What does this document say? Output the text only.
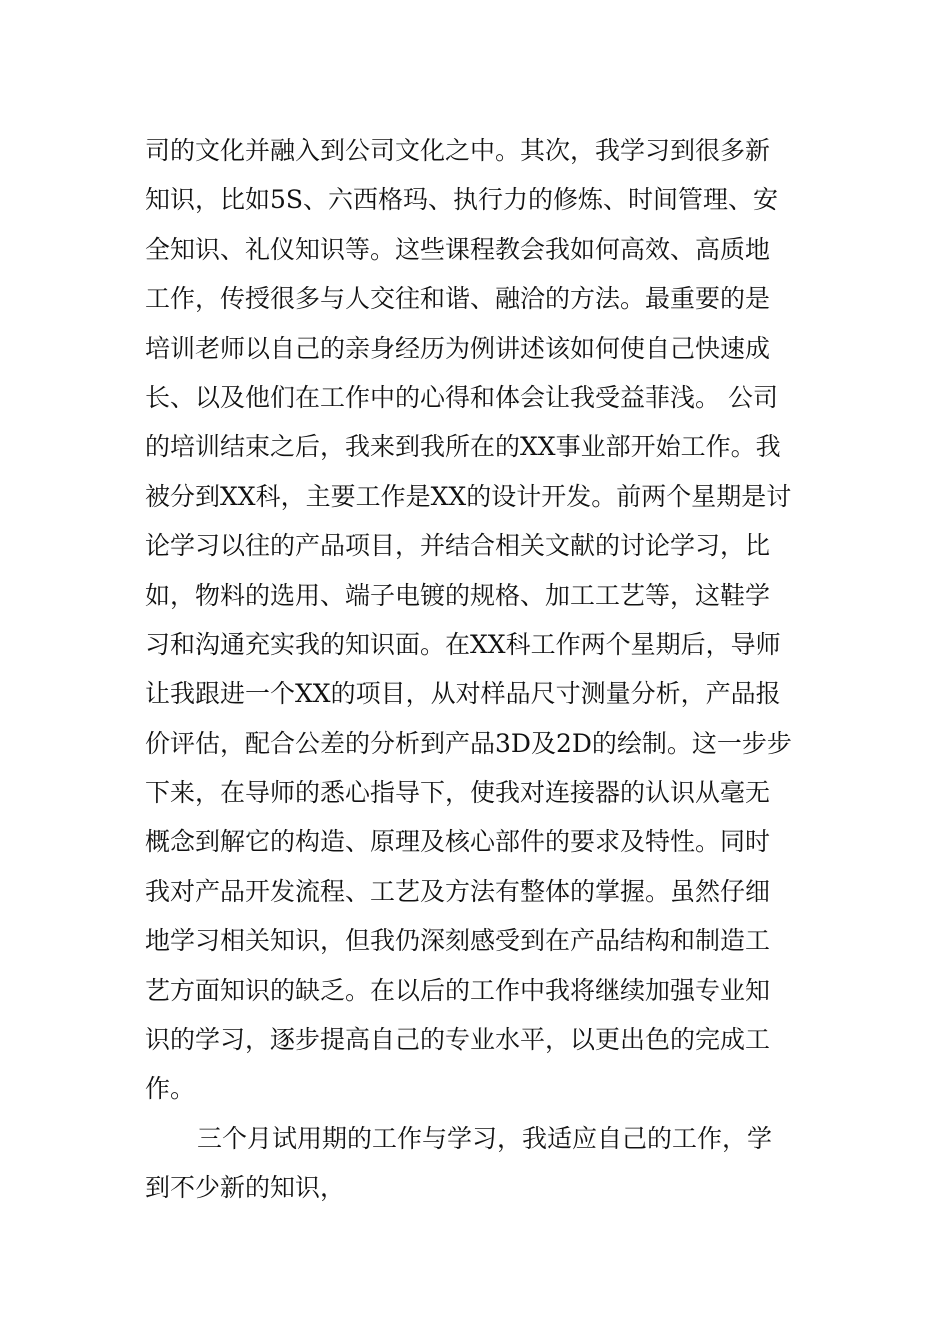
司的文化并融入到公司文化之中。其次，我学习到很多新
知识，比如5S、六西格玛、执行力的修炼、时间管理、安
全知识、礼仪知识等。这些课程教会我如何高效、高质地
工作，传授很多与人交往和谐、融洽的方法。最重要的是
培训老师以自己的亲身经历为例讲述该如何使自己快速成
长、以及他们在工作中的心得和体会让我受益菲浅。 公司
的培训结束之后，我来到我所在的XX事业部开始工作。我
被分到XX科，主要工作是XX的设计开发。前两个星期是讨
论学习以往的产品项目，并结合相关文献的讨论学习，比
如，物料的选用、端子电镀的规格、加工工艺等，这鞋学
习和沟通充实我的知识面。在XX科工作两个星期后，导师
让我跟进一个XX的项目，从对样品尺寸测量分析，产品报
价评估，配合公差的分析到产品3D及2D的绘制。这一步步
下来，在导师的悉心指导下，使我对连接器的认识从毫无
概念到解它的构造、原理及核心部件的要求及特性。同时
我对产品开发流程、工艺及方法有整体的掌握。虽然仔细
地学习相关知识，但我仍深刻感受到在产品结构和制造工
艺方面知识的缺乏。在以后的工作中我将继续加强专业知
识的学习，逐步提高自己的专业水平，以更出色的完成工
作。
三个月试用期的工作与学习，我适应自己的工作，学
到不少新的知识，
